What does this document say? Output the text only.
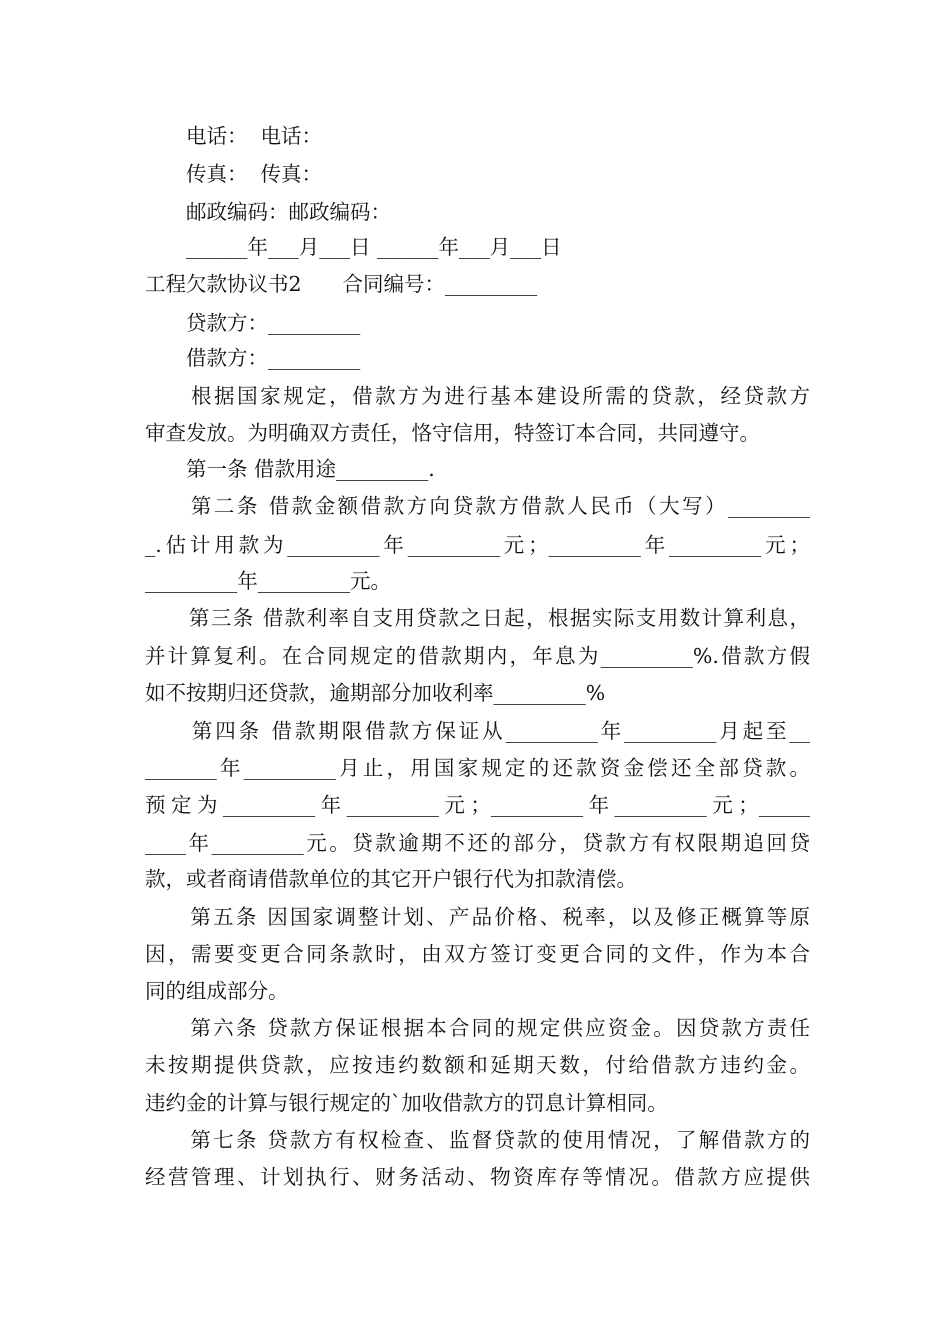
　　电话：  电话：
　　传真：  传真：
　　邮政编码：邮政编码：
　　______年___月___日 ______年___月___日
工程欠款协议书2　　合同编号：_________
　　贷款方：_________
　　借款方：_________
　　根据国家规定，借款方为进行基本建设所需的贷款，经贷款方
审查发放。为明确双方责任，恪守信用，特签订本合同，共同遵守。
　　第一条 借款用途_________.
　　第二条 借款金额借款方向贷款方借款人民币（大写）________
_.估计用款为_________年_________元；_________年_________元；
_________年_________元。
　　第三条 借款利率自支用贷款之日起，根据实际支用数计算利息，
并计算复利。在合同规定的借款期内，年息为_________%.借款方假
如不按期归还贷款，逾期部分加收利率_________%
　　第四条 借款期限借款方保证从_________年_________月起至__
_______年_________月止，用国家规定的还款资金偿还全部贷款。
预定为_________年_________元；_________年_________元；_____
____年_________元。贷款逾期不还的部分，贷款方有权限期追回贷
款，或者商请借款单位的其它开户银行代为扣款清偿。
　　第五条 因国家调整计划、产品价格、税率，以及修正概算等原
因，需要变更合同条款时，由双方签订变更合同的文件，作为本合
同的组成部分。
　　第六条 贷款方保证根据本合同的规定供应资金。因贷款方责任
未按期提供贷款，应按违约数额和延期天数，付给借款方违约金。
违约金的计算与银行规定的`加收借款方的罚息计算相同。
　　第七条 贷款方有权检查、监督贷款的使用情况，了解借款方的
经营管理、计划执行、财务活动、物资库存等情况。借款方应提供
